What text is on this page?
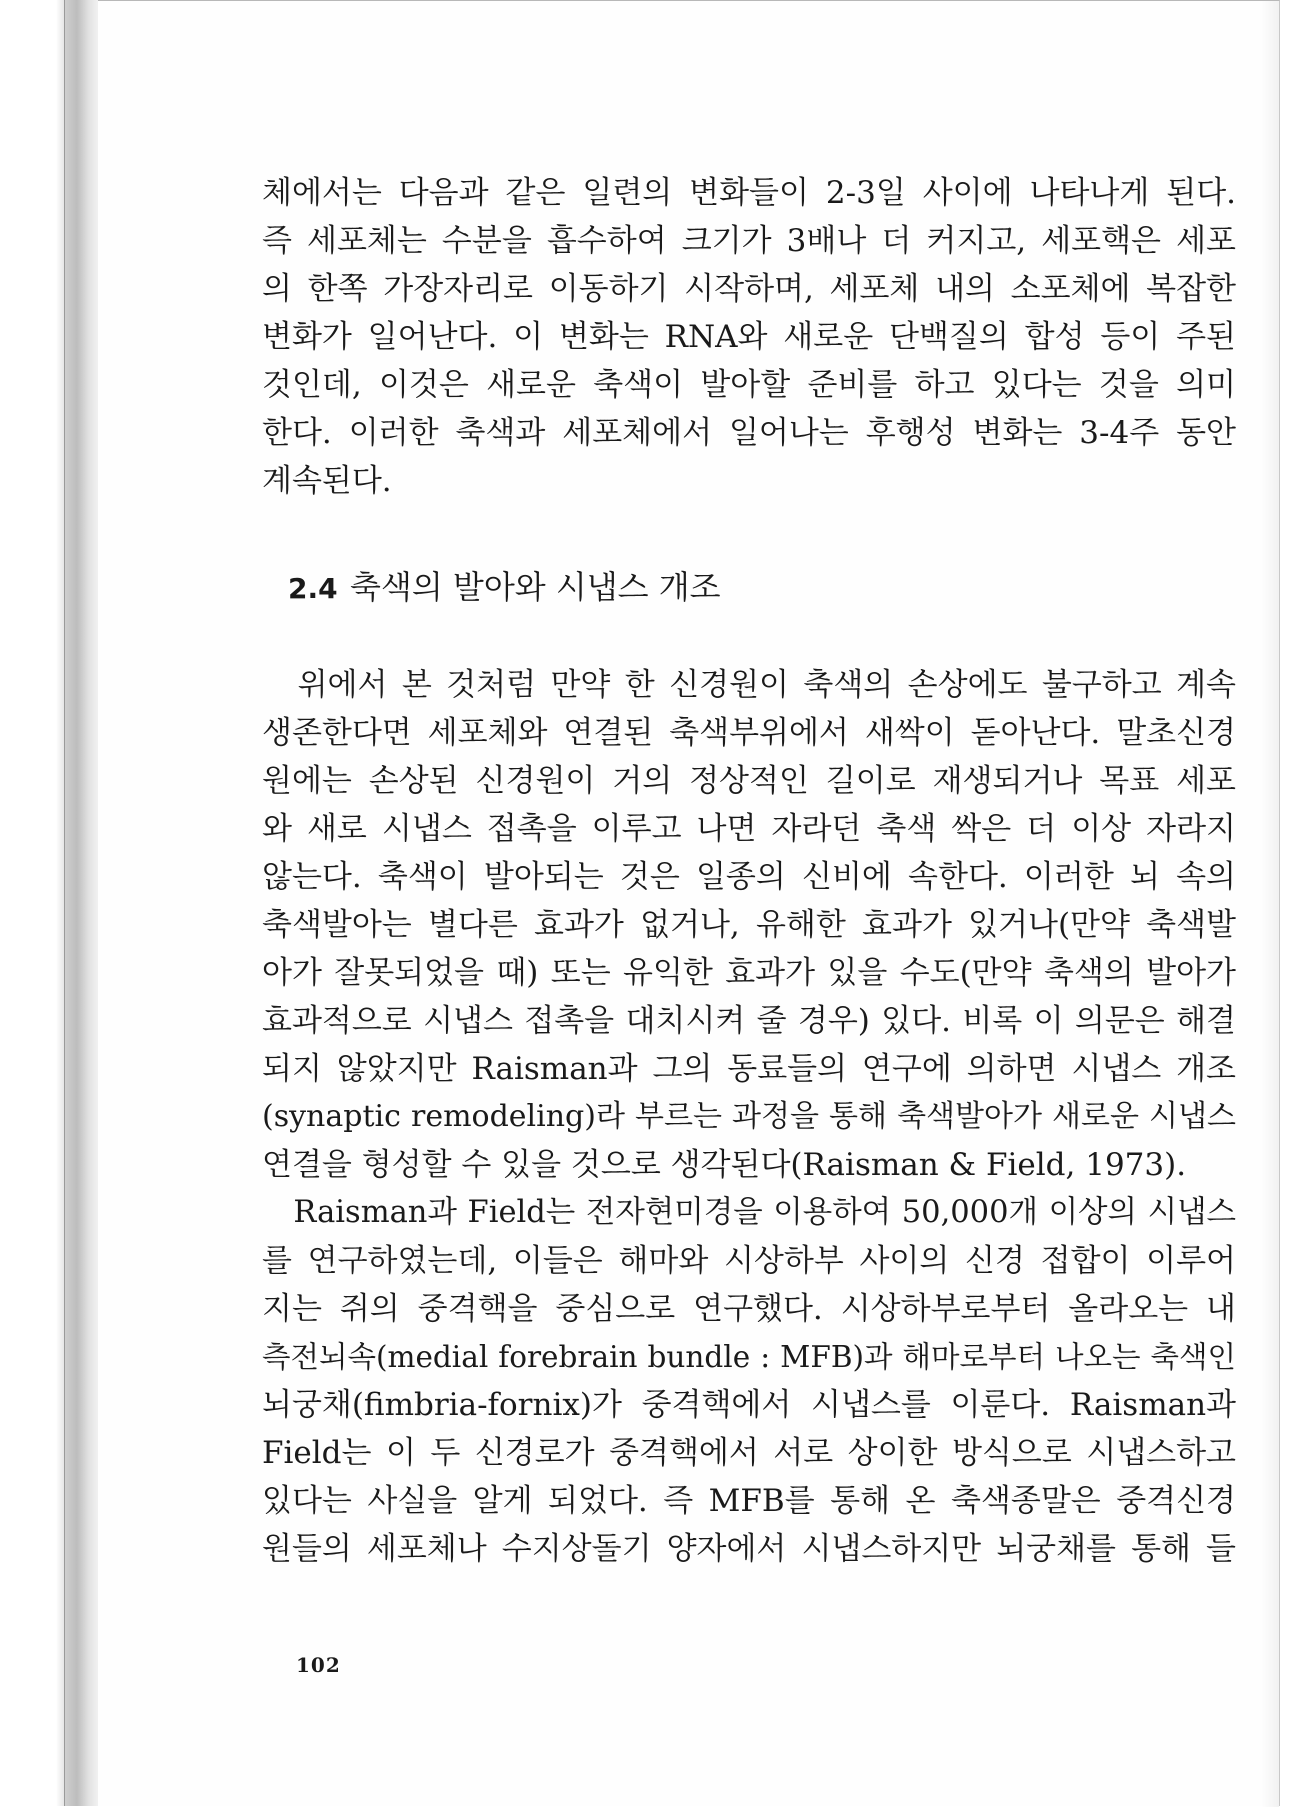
체에서는 다음과 같은 일련의 변화들이 2-3일 사이에 나타나게 된다.
즉 세포체는 수분을 흡수하여 크기가 3배나 더 커지고, 세포핵은 세포
의 한쪽 가장자리로 이동하기 시작하며, 세포체 내의 소포체에 복잡한
변화가 일어난다. 이 변화는 RNA와 새로운 단백질의 합성 등이 주된
것인데, 이것은 새로운 축색이 발아할 준비를 하고 있다는 것을 의미
한다. 이러한 축색과 세포체에서 일어나는 후행성 변화는 3-4주 동안
계속된다.
2.4 축색의 발아와 시냅스 개조
　위에서 본 것처럼 만약 한 신경원이 축색의 손상에도 불구하고 계속
생존한다면 세포체와 연결된 축색부위에서 새싹이 돋아난다. 말초신경
원에는 손상된 신경원이 거의 정상적인 길이로 재생되거나 목표 세포
와 새로 시냅스 접촉을 이루고 나면 자라던 축색 싹은 더 이상 자라지
않는다. 축색이 발아되는 것은 일종의 신비에 속한다. 이러한 뇌 속의
축색발아는 별다른 효과가 없거나, 유해한 효과가 있거나(만약 축색발
아가 잘못되었을 때) 또는 유익한 효과가 있을 수도(만약 축색의 발아가
효과적으로 시냅스 접촉을 대치시켜 줄 경우) 있다. 비록 이 의문은 해결
되지 않았지만 Raisman과 그의 동료들의 연구에 의하면 시냅스 개조
(synaptic remodeling)라 부르는 과정을 통해 축색발아가 새로운 시냅스
연결을 형성할 수 있을 것으로 생각된다(Raisman & Field, 1973).
　Raisman과 Field는 전자현미경을 이용하여 50,000개 이상의 시냅스
를 연구하였는데, 이들은 해마와 시상하부 사이의 신경 접합이 이루어
지는 쥐의 중격핵을 중심으로 연구했다. 시상하부로부터 올라오는 내
측전뇌속(medial forebrain bundle : MFB)과 해마로부터 나오는 축색인
뇌궁채(fimbria-fornix)가 중격핵에서 시냅스를 이룬다. Raisman과
Field는 이 두 신경로가 중격핵에서 서로 상이한 방식으로 시냅스하고
있다는 사실을 알게 되었다. 즉 MFB를 통해 온 축색종말은 중격신경
원들의 세포체나 수지상돌기 양자에서 시냅스하지만 뇌궁채를 통해 들
102
